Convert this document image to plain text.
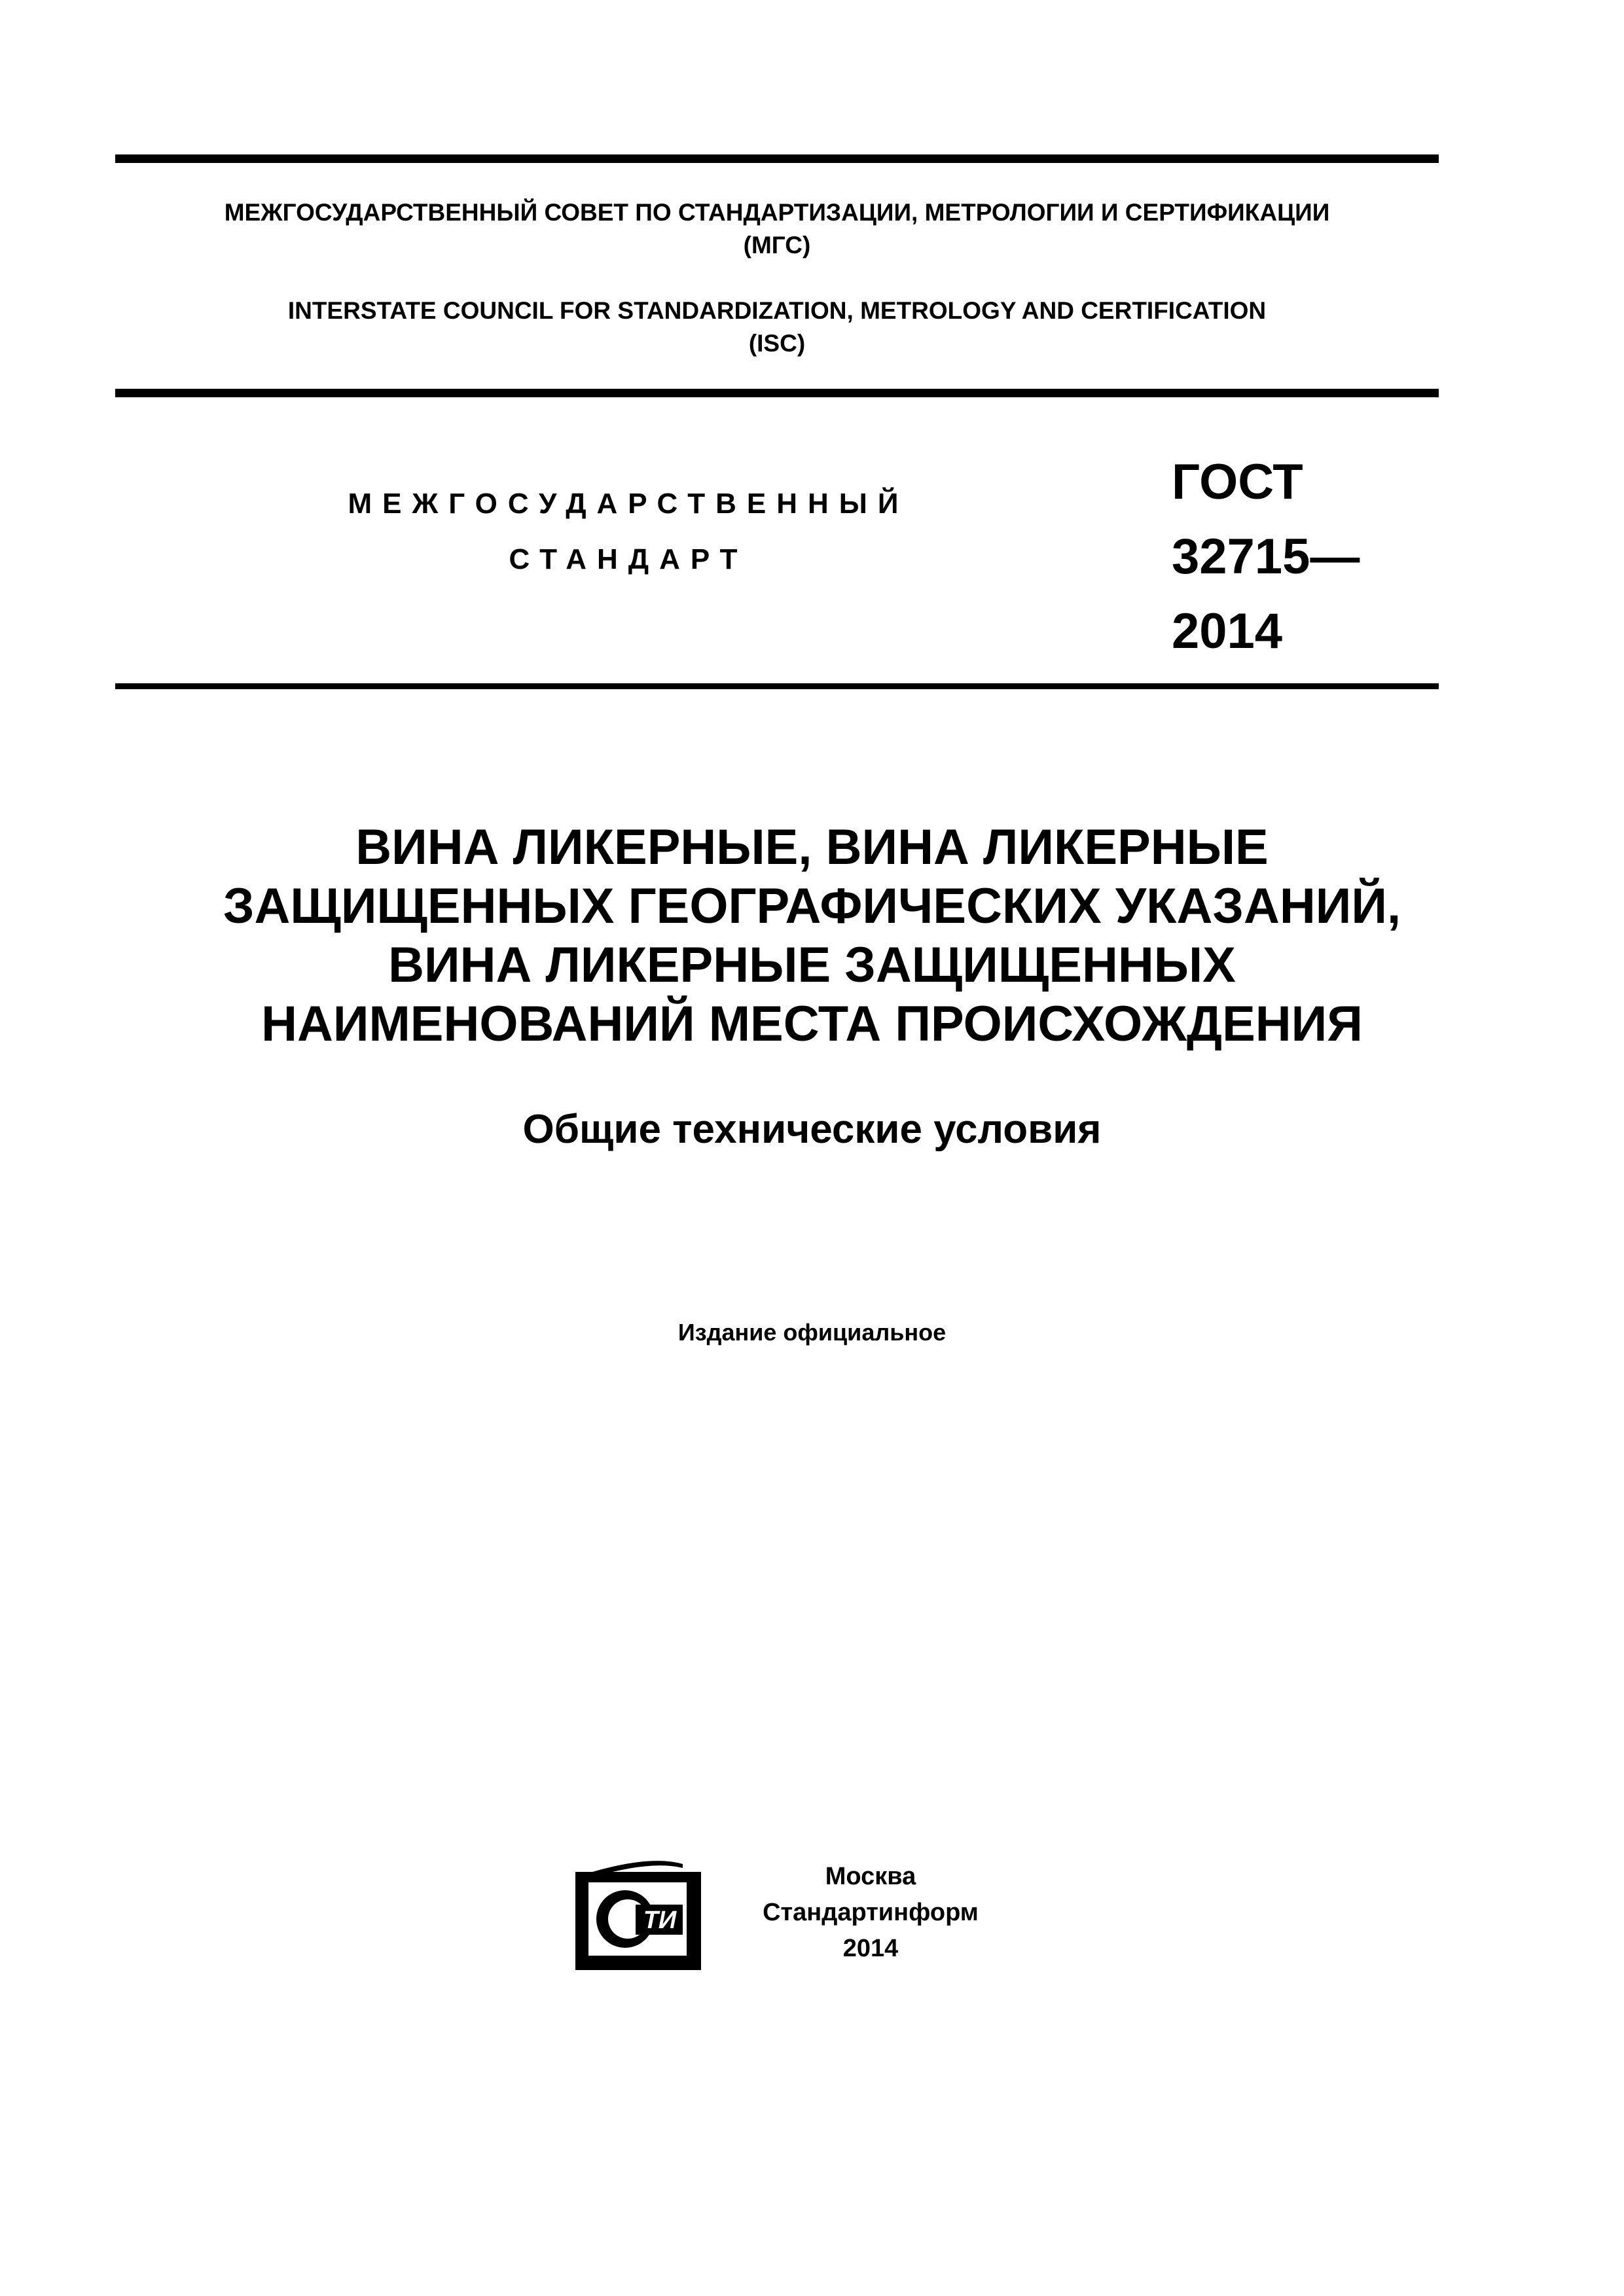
МЕЖГОСУДАРСТВЕННЫЙ СОВЕТ ПО СТАНДАРТИЗАЦИИ, МЕТРОЛОГИИ И СЕРТИФИКАЦИИ
(МГС)
INTERSTATE COUNCIL FOR STANDARDIZATION, METROLOGY AND CERTIFICATION
(ISC)
МЕЖГОСУДАРСТВЕННЫЙ
СТАНДАРТ
ГОСТ
32715—
2014
ВИНА ЛИКЕРНЫЕ, ВИНА ЛИКЕРНЫЕ
ЗАЩИЩЕННЫХ ГЕОГРАФИЧЕСКИХ УКАЗАНИЙ,
ВИНА ЛИКЕРНЫЕ ЗАЩИЩЕННЫХ
НАИМЕНОВАНИЙ МЕСТА ПРОИСХОЖДЕНИЯ
Общие технические условия
Издание официальное
ТИ
Москва
Стандартинформ
2014
